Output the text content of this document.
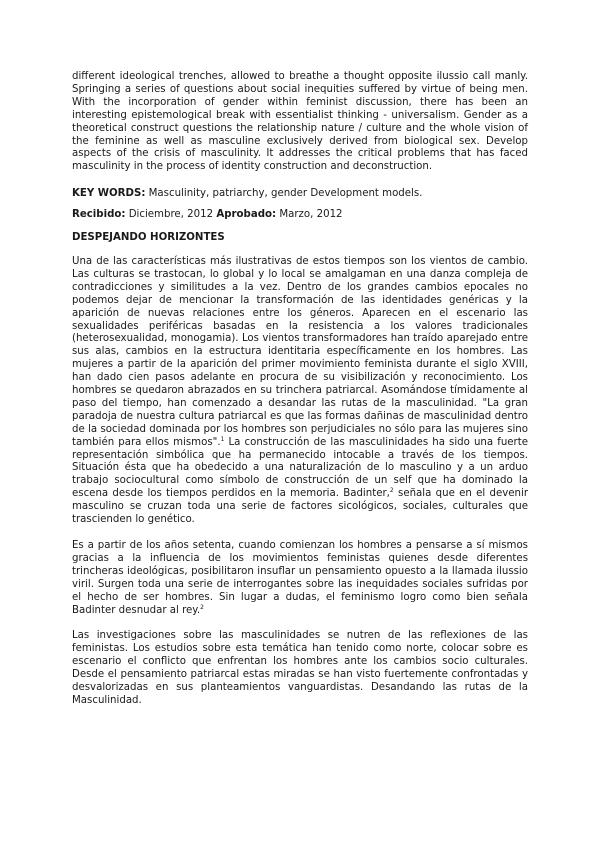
different ideological trenches, allowed to breathe a thought opposite ilussio call manly. Springing a series of questions about social inequities suffered by virtue of being men. With the incorporation of gender within feminist discussion, there has been an interesting epistemological break with essentialist thinking - universalism. Gender as a theoretical construct questions the relationship nature / culture and the whole vision of the feminine as well as masculine exclusively derived from biological sex. Develop aspects of the crisis of masculinity. It addresses the critical problems that has faced masculinity in the process of identity construction and deconstruction.

KEY WORDS: Masculinity, patriarchy, gender Development models.

Recibido: Diciembre, 2012 Aprobado: Marzo, 2012

DESPEJANDO HORIZONTES

Una de las características más ilustrativas de estos tiempos son los vientos de cambio. Las culturas se trastocan, lo global y lo local se amalgaman en una danza compleja de contradicciones y similitudes a la vez. Dentro de los grandes cambios epocales no podemos dejar de mencionar la transformación de las identidades genéricas y la aparición de nuevas relaciones entre los géneros. Aparecen en el escenario las sexualidades periféricas basadas en la resistencia a los valores tradicionales (heterosexualidad, monogamia). Los vientos transformadores han traído aparejado entre sus alas, cambios en la estructura identitaria específicamente en los hombres. Las mujeres a partir de la aparición del primer movimiento feminista durante el siglo XVIII, han dado cien pasos adelante en procura de su visibilización y reconocimiento. Los hombres se quedaron abrazados en su trinchera patriarcal. Asomándose tímidamente al paso del tiempo, han comenzado a desandar las rutas de la masculinidad. "La gran paradoja de nuestra cultura patriarcal es que las formas dañinas de masculinidad dentro de la sociedad dominada por los hombres son perjudiciales no sólo para las mujeres sino también para ellos mismos".$^1$ La construcción de las masculinidades ha sido una fuerte representación simbólica que ha permanecido intocable a través de los tiempos. Situación ésta que ha obedecido a una naturalización de lo masculino y a un arduo trabajo sociocultural como símbolo de construcción de un self que ha dominado la escena desde los tiempos perdidos en la memoria. Badinter,$^2$ señala que en el devenir masculino se cruzan toda una serie de factores sicológicos, sociales, culturales que trascienden lo genético.

Es a partir de los años setenta, cuando comienzan los hombres a pensarse a sí mismos gracias a la influencia de los movimientos feministas quienes desde diferentes trincheras ideológicas, posibilitaron insuflar un pensamiento opuesto a la llamada ilussio viril. Surgen toda una serie de interrogantes sobre las inequidades sociales sufridas por el hecho de ser hombres. Sin lugar a dudas, el feminismo logro como bien señala Badinter desnudar al rey.$^2$

Las investigaciones sobre las masculinidades se nutren de las reflexiones de las feministas. Los estudios sobre esta temática han tenido como norte, colocar sobre es escenario el conflicto que enfrentan los hombres ante los cambios socio culturales. Desde el pensamiento patriarcal estas miradas se han visto fuertemente confrontadas y desvalorizadas en sus planteamientos vanguardistas. Desandando las rutas de la Masculinidad.
